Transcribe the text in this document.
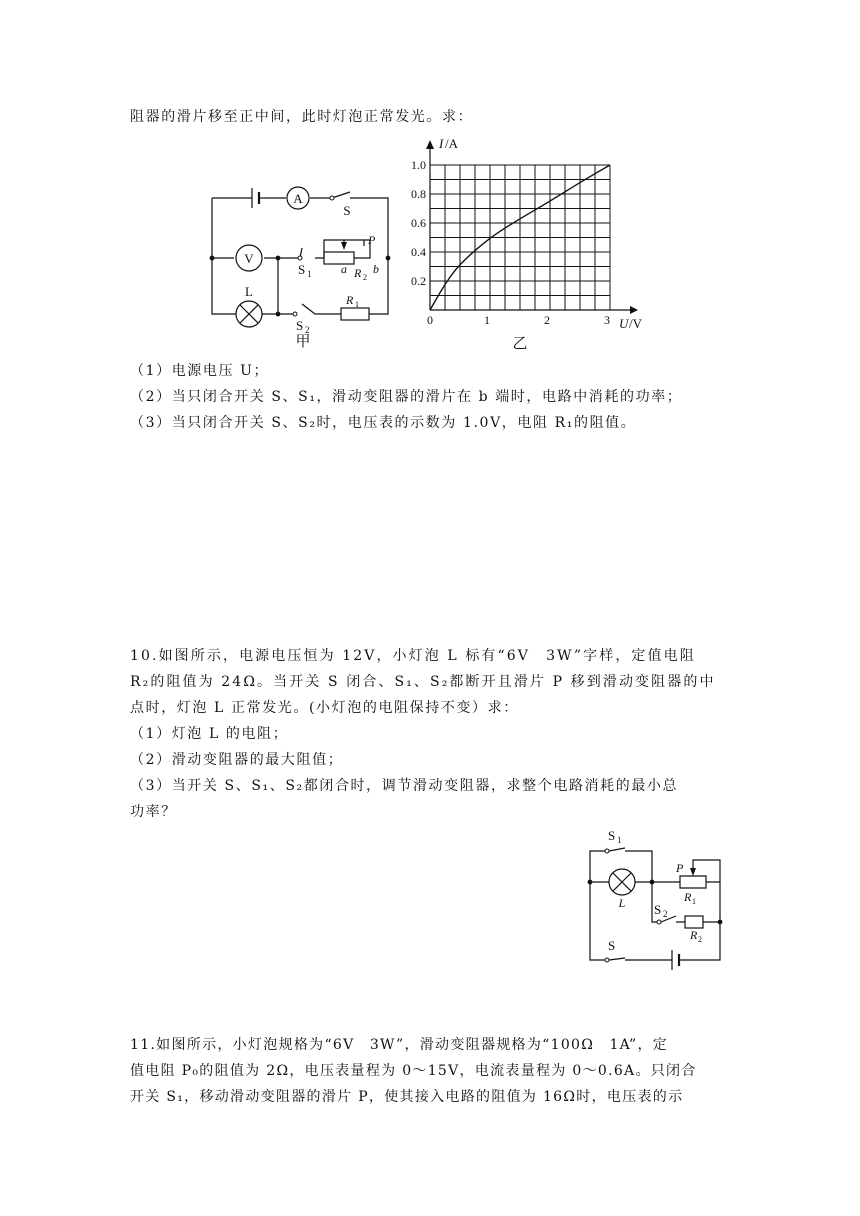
阻器的滑片移至正中间，此时灯泡正常发光。求：
A
V
S
S 1
S 2
L
P
a b
R 2
R 1
甲
1.0
0.8
0.6
0.4
0.2
0	1	2	3
I /A
U /V
乙
（1）电源电压 U；
（2）当只闭合开关 S、S₁，滑动变阻器的滑片在 b 端时，电路中消耗的功率；
（3）当只闭合开关 S、S₂时，电压表的示数为 1.0V，电阻 R₁的阻值。
10.如图所示，电源电压恒为 12V，小灯泡 L 标有“6V　3W”字样，定值电阻
R₂的阻值为 24Ω。当开关 S 闭合、S₁、S₂都断开且滑片 P 移到滑动变阻器的中
点时，灯泡 L 正常发光。(小灯泡的电阻保持不变）求：
（1）灯泡 L 的电阻；
（2）滑动变阻器的最大阻值；
（3）当开关 S、S₁、S₂都闭合时，调节滑动变阻器，求整个电路消耗的最小总
功率？
S 1
S 2
S
L
P
R 1
R 2
11.如图所示，小灯泡规格为“6V　3W”，滑动变阻器规格为“100Ω　1A”，定
值电阻 P₀的阻值为 2Ω，电压表量程为 0～15V，电流表量程为 0～0.6A。只闭合
开关 S₁，移动滑动变阻器的滑片 P，使其接入电路的阻值为 16Ω时，电压表的示
